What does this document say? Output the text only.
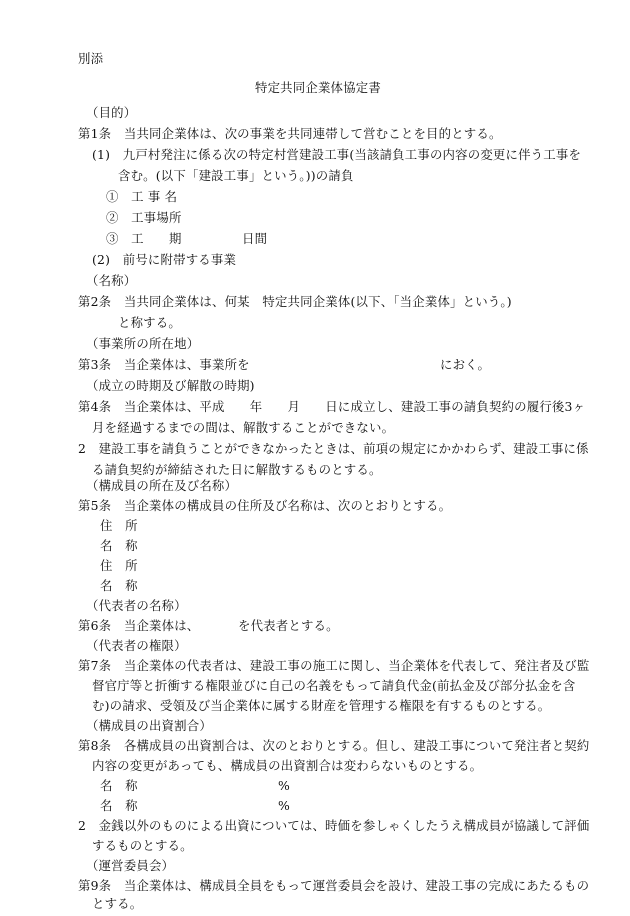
別添
特定共同企業体協定書
（目的）
第1条　当共同企業体は、次の事業を共同連帯して営むことを目的とする。
(1)　九戸村発注に係る次の特定村営建設工事(当該請負工事の内容の変更に伴う工事を
含む。(以下「建設工事」という。))の請負
①　工 事 名
②　工事場所
③　工　　期	日間
(2)　前号に附帯する事業
（名称）
第2条　当共同企業体は、何某　特定共同企業体(以下、「当企業体」という。)
と称する。
（事業所の所在地）
第3条　当企業体は、事業所を	におく。
（成立の時期及び解散の時期)
第4条　当企業体は、平成　　年　　月　　日に成立し、建設工事の請負契約の履行後3ヶ
月を経過するまでの間は、解散することができない。
2　建設工事を請負うことができなかったときは、前項の規定にかかわらず、建設工事に係
る請負契約が締結された日に解散するものとする。
（構成員の所在及び名称）
第5条　当企業体の構成員の住所及び名称は、次のとおりとする。
住　所
名　称
住　所
名　称
（代表者の名称）
第6条　当企業体は、	を代表者とする。
（代表者の権限）
第7条　当企業体の代表者は、建設工事の施工に関し、当企業体を代表して、発注者及び監
督官庁等と折衝する権限並びに自己の名義をもって請負代金(前払金及び部分払金を含
む)の請求、受領及び当企業体に属する財産を管理する権限を有するものとする。
（構成員の出資割合）
第8条　各構成員の出資割合は、次のとおりとする。但し、建設工事について発注者と契約
内容の変更があっても、構成員の出資割合は変わらないものとする。
名　称	%
名　称	%
2　金銭以外のものによる出資については、時価を参しゃくしたうえ構成員が協議して評価
するものとする。
（運営委員会）
第9条　当企業体は、構成員全員をもって運営委員会を設け、建設工事の完成にあたるもの
とする。
